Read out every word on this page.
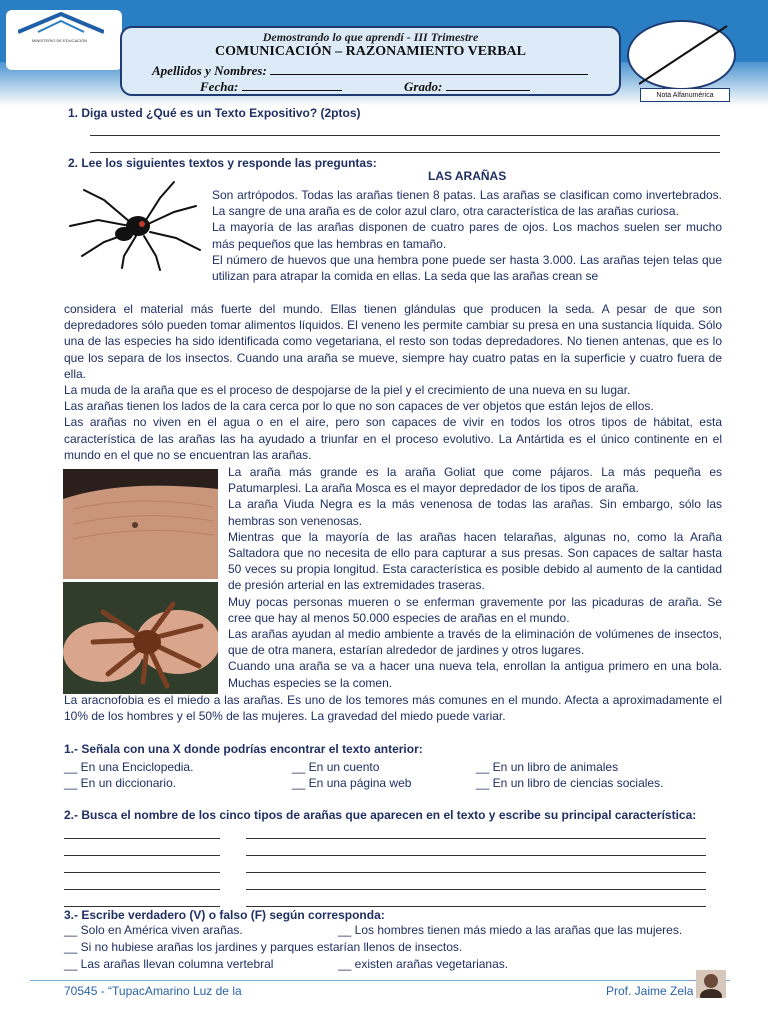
MINISTERIO DE EDUCACIÓN	Demostrando lo que aprendí - III Trimestre
COMUNICACIÓN – RAZONAMIENTO VERBAL
Apellidos y Nombres:
Fecha:	Grado:
Nota Alfanumérica
1. Diga usted ¿Qué es un Texto Expositivo? (2ptos)
2. Lee los siguientes textos y responde las preguntas:
LAS ARAÑAS

Son artrópodos. Todas las arañas tienen 8 patas. Las arañas se clasifican como invertebrados. La sangre de una araña es de color azul claro, otra característica de las arañas curiosa.

La mayoría de las arañas disponen de cuatro pares de ojos. Los machos suelen ser mucho más pequeños que las hembras en tamaño.

El número de huevos que una hembra pone puede ser hasta 3.000. Las arañas tejen telas que utilizan para atrapar la comida en ellas. La seda que las arañas crean se

considera el material más fuerte del mundo. Ellas tienen glándulas que producen la seda. A pesar de que son depredadores sólo pueden tomar alimentos líquidos. El veneno les permite cambiar su presa en una sustancia líquida. Sólo una de las especies ha sido identificada como vegetariana, el resto son todas depredadores. No tienen antenas, que es lo que los separa de los insectos. Cuando una araña se mueve, siempre hay cuatro patas en la superficie y cuatro fuera de ella.

La muda de la araña que es el proceso de despojarse de la piel y el crecimiento de una nueva en su lugar.

Las arañas tienen los lados de la cara cerca por lo que no son capaces de ver objetos que están lejos de ellos.

Las arañas no viven en el agua o en el aire, pero son capaces de vivir en todos los otros tipos de hábitat, esta característica de las arañas las ha ayudado a triunfar en el proceso evolutivo. La Antártida es el único continente en el mundo en el que no se encuentran las arañas.

La araña más grande es la araña Goliat que come pájaros. La más pequeña es Patumarplesi. La araña Mosca es el mayor depredador de los tipos de araña.

La araña Viuda Negra es la más venenosa de todas las arañas. Sin embargo, sólo las hembras son venenosas.

Mientras que la mayoría de las arañas hacen telarañas, algunas no, como la Araña Saltadora que no necesita de ello para capturar a sus presas. Son capaces de saltar hasta 50 veces su propia longitud. Esta característica es posible debido al aumento de la cantidad de presión arterial en las extremidades traseras.

Muy pocas personas mueren o se enferman gravemente por las picaduras de araña. Se cree que hay al menos 50.000 especies de arañas en el mundo.

Las arañas ayudan al medio ambiente a través de la eliminación de volúmenes de insectos, que de otra manera, estarían alrededor de jardines y otros lugares.

Cuando una araña se va a hacer una nueva tela, enrollan la antigua primero en una bola. Muchas especies se la comen.

La aracnofobia es el miedo a las arañas. Es uno de los temores más comunes en el mundo. Afecta a aproximadamente el 10% de los hombres y el 50% de las mujeres. La gravedad del miedo puede variar.

1.- Señala con una X donde podrías encontrar el texto anterior:
__ En una Enciclopedia.	__ En un cuento	__ En un libro de animales
__ En un diccionario.	__ En una página web	__ En un libro de ciencias sociales.
2.- Busca el nombre de los cinco tipos de arañas que aparecen en el texto y escribe su principal característica:
3.- Escribe verdadero (V) o falso (F) según corresponda:
__ Solo en América viven arañas.	__ Los hombres tienen más miedo a las arañas que las mujeres.
__ Si no hubiese arañas los jardines y parques estarían llenos de insectos.
__ Las arañas llevan columna vertebral	__ existen arañas vegetarianas.
70545 - “TupacAmarino Luz de la	Prof. Jaime Zela
